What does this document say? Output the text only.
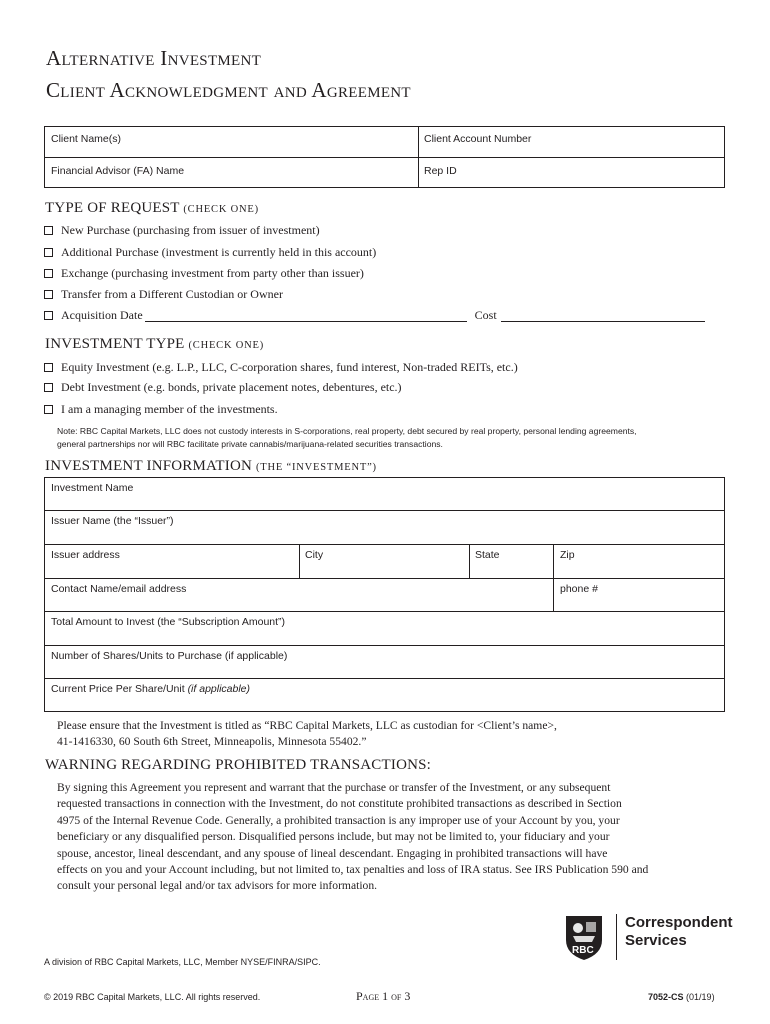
Alternative Investment
Client Acknowledgment and Agreement
Client Name(s)	Client Account Number
Financial Advisor (FA) Name	Rep ID
TYPE OF REQUEST (CHECK ONE)
New Purchase (purchasing from issuer of investment)
Additional Purchase (investment is currently held in this account)
Exchange (purchasing investment from party other than issuer)
Transfer from a Different Custodian or Owner
Acquisition Date	Cost
INVESTMENT TYPE (CHECK ONE)
Equity Investment (e.g. L.P., LLC, C-corporation shares, fund interest, Non-traded REITs, etc.)
Debt Investment (e.g. bonds, private placement notes, debentures, etc.)
I am a managing member of the investments.
Note: RBC Capital Markets, LLC does not custody interests in S-corporations, real property, debt secured by real property, personal lending agreements,
general partnerships nor will RBC facilitate private cannabis/marijuana-related securities transactions.
INVESTMENT INFORMATION (THE “INVESTMENT”)
Investment Name
Issuer Name (the “Issuer”)
Issuer address	City	State	Zip
Contact Name/email address	phone #
Total Amount to Invest (the “Subscription Amount”)
Number of Shares/Units to Purchase (if applicable)
Current Price Per Share/Unit (if applicable)
Please ensure that the Investment is titled as “RBC Capital Markets, LLC as custodian for <Client’s name>,
41-1416330, 60 South 6th Street, Minneapolis, Minnesota 55402.”
WARNING REGARDING PROHIBITED TRANSACTIONS:
By signing this Agreement you represent and warrant that the purchase or transfer of the Investment, or any subsequent
requested transactions in connection with the Investment, do not constitute prohibited transactions as described in Section
4975 of the Internal Revenue Code. Generally, a prohibited transaction is any improper use of your Account by you, your
beneficiary or any disqualified person. Disqualified persons include, but may not be limited to, your fiduciary and your
spouse, ancestor, lineal descendant, and any spouse of lineal descendant. Engaging in prohibited transactions will have
effects on you and your Account including, but not limited to, tax penalties and loss of IRA status. See IRS Publication 590 and
consult your personal legal and/or tax advisors for more information.
RBC
Correspondent
Services
A division of RBC Capital Markets, LLC, Member NYSE/FINRA/SIPC.
© 2019 RBC Capital Markets, LLC. All rights reserved.	Page 1 of 3	7052-CS (01/19)
